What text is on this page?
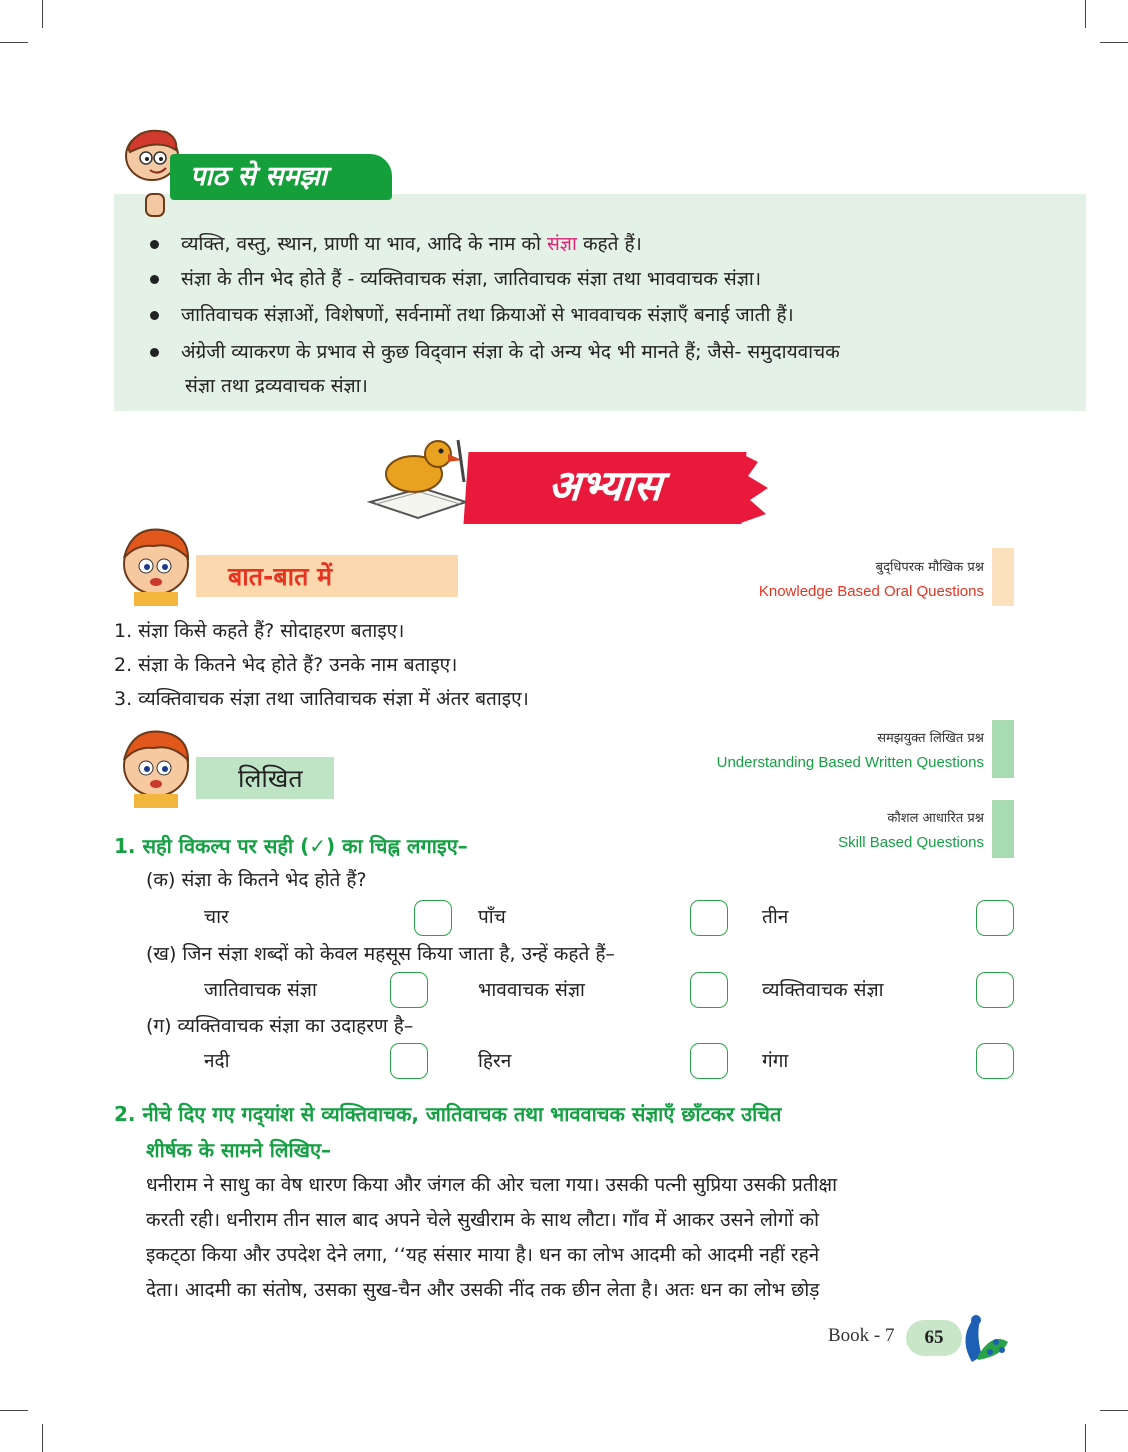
पाठ से समझा
व्यक्ति, वस्तु, स्थान, प्राणी या भाव, आदि के नाम को संज्ञा कहते हैं।
संज्ञा के तीन भेद होते हैं - व्यक्तिवाचक संज्ञा, जातिवाचक संज्ञा तथा भाववाचक संज्ञा।
जातिवाचक संज्ञाओं, विशेषणों, सर्वनामों तथा क्रियाओं से भाववाचक संज्ञाएँ बनाई जाती हैं।
अंग्रेजी व्याकरण के प्रभाव से कुछ विद्‌वान संज्ञा के दो अन्य भेद भी मानते हैं; जैसे- समुदायवाचक
संज्ञा तथा द्रव्यवाचक संज्ञा।
अभ्यास
बात-बात में	बुद्‌धिपरक मौखिक प्रश्न
Knowledge Based Oral Questions
1. संज्ञा किसे कहते हैं? सोदाहरण बताइए।
2. संज्ञा के कितने भेद होते हैं? उनके नाम बताइए।
3. व्यक्तिवाचक संज्ञा तथा जातिवाचक संज्ञा में अंतर बताइए।
लिखित
समझयुक्त लिखित प्रश्न
Understanding Based Written Questions
कौशल आधारित प्रश्न
Skill Based Questions
1. सही विकल्प पर सही (✓) का चिह्न लगाइए–
(क) संज्ञा के कितने भेद होते हैं?
चार	पाँच	तीन
(ख) जिन संज्ञा शब्दों को केवल महसूस किया जाता है, उन्हें कहते हैं–
जातिवाचक संज्ञा	भाववाचक संज्ञा	व्यक्तिवाचक संज्ञा
(ग) व्यक्तिवाचक संज्ञा का उदाहरण है–
नदी	हिरन	गंगा
2. नीचे दिए गए गद्‌यांश से व्यक्तिवाचक, जातिवाचक तथा भाववाचक संज्ञाएँ छाँटकर उचित
शीर्षक के सामने लिखिए–
धनीराम ने साधु का वेष धारण किया और जंगल की ओर चला गया। उसकी पत्नी सुप्रिया उसकी प्रतीक्षा
करती रही। धनीराम तीन साल बाद अपने चेले सुखीराम के साथ लौटा। गाँव में आकर उसने लोगों को
इकट्‌ठा किया और उपदेश देने लगा, ‘‘यह संसार माया है। धन का लोभ आदमी को आदमी नहीं रहने
देता। आदमी का संतोष, उसका सुख-चैन और उसकी नींद तक छीन लेता है। अतः धन का लोभ छोड़
Book - 7	65
